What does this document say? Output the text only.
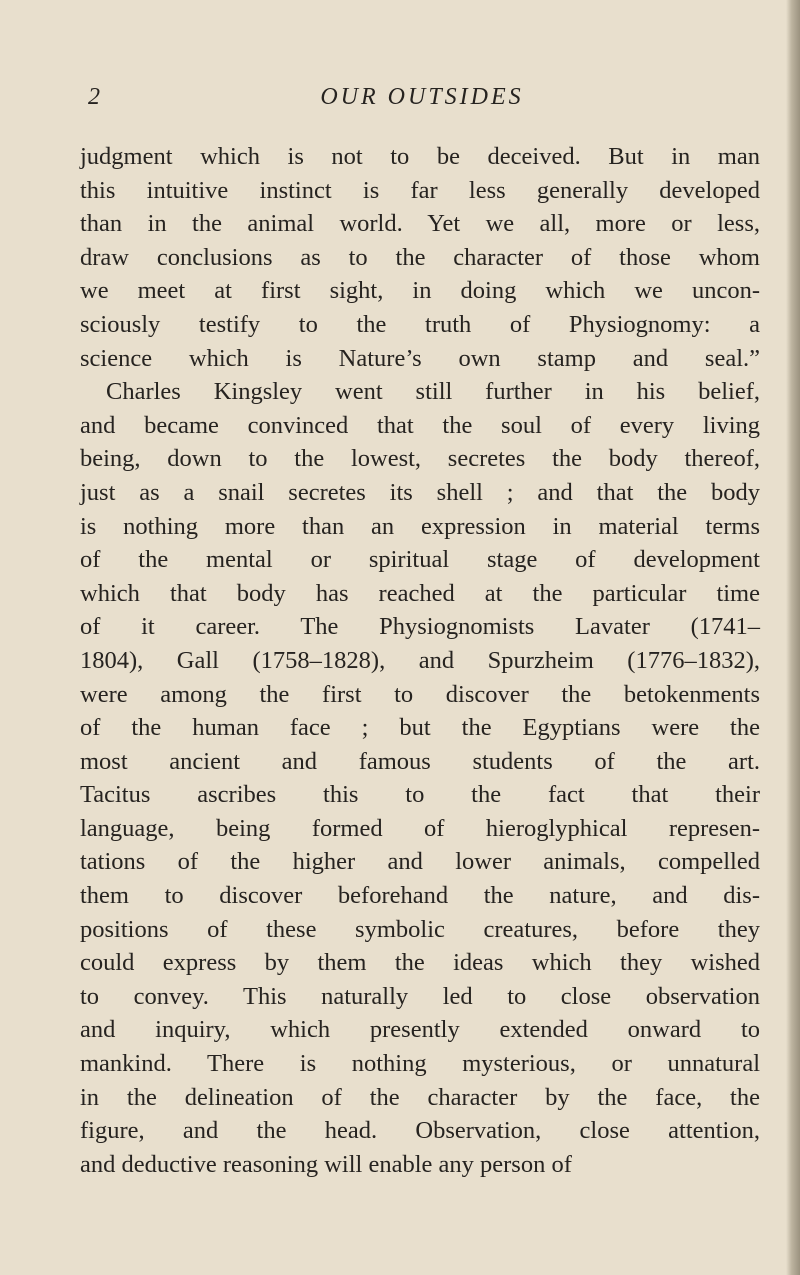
2	OUR OUTSIDES
judgment which is not to be deceived. But in man
this intuitive instinct is far less generally developed
than in the animal world. Yet we all, more or less,
draw conclusions as to the character of those whom
we meet at first sight, in doing which we uncon-
sciously testify to the truth of Physiognomy: a
science which is Nature’s own stamp and seal.”
Charles Kingsley went still further in his belief,
and became convinced that the soul of every living
being, down to the lowest, secretes the body thereof,
just as a snail secretes its shell ; and that the body
is nothing more than an expression in material terms
of the mental or spiritual stage of development
which that body has reached at the particular time
of it career. The Physiognomists Lavater (1741–
1804), Gall (1758–1828), and Spurzheim (1776–1832),
were among the first to discover the betokenments
of the human face ; but the Egyptians were the
most ancient and famous students of the art.
Tacitus ascribes this to the fact that their
language, being formed of hieroglyphical represen-
tations of the higher and lower animals, compelled
them to discover beforehand the nature, and dis-
positions of these symbolic creatures, before they
could express by them the ideas which they wished
to convey. This naturally led to close observation
and inquiry, which presently extended onward to
mankind. There is nothing mysterious, or unnatural
in the delineation of the character by the face, the
figure, and the head. Observation, close attention,
and deductive reasoning will enable any person of
